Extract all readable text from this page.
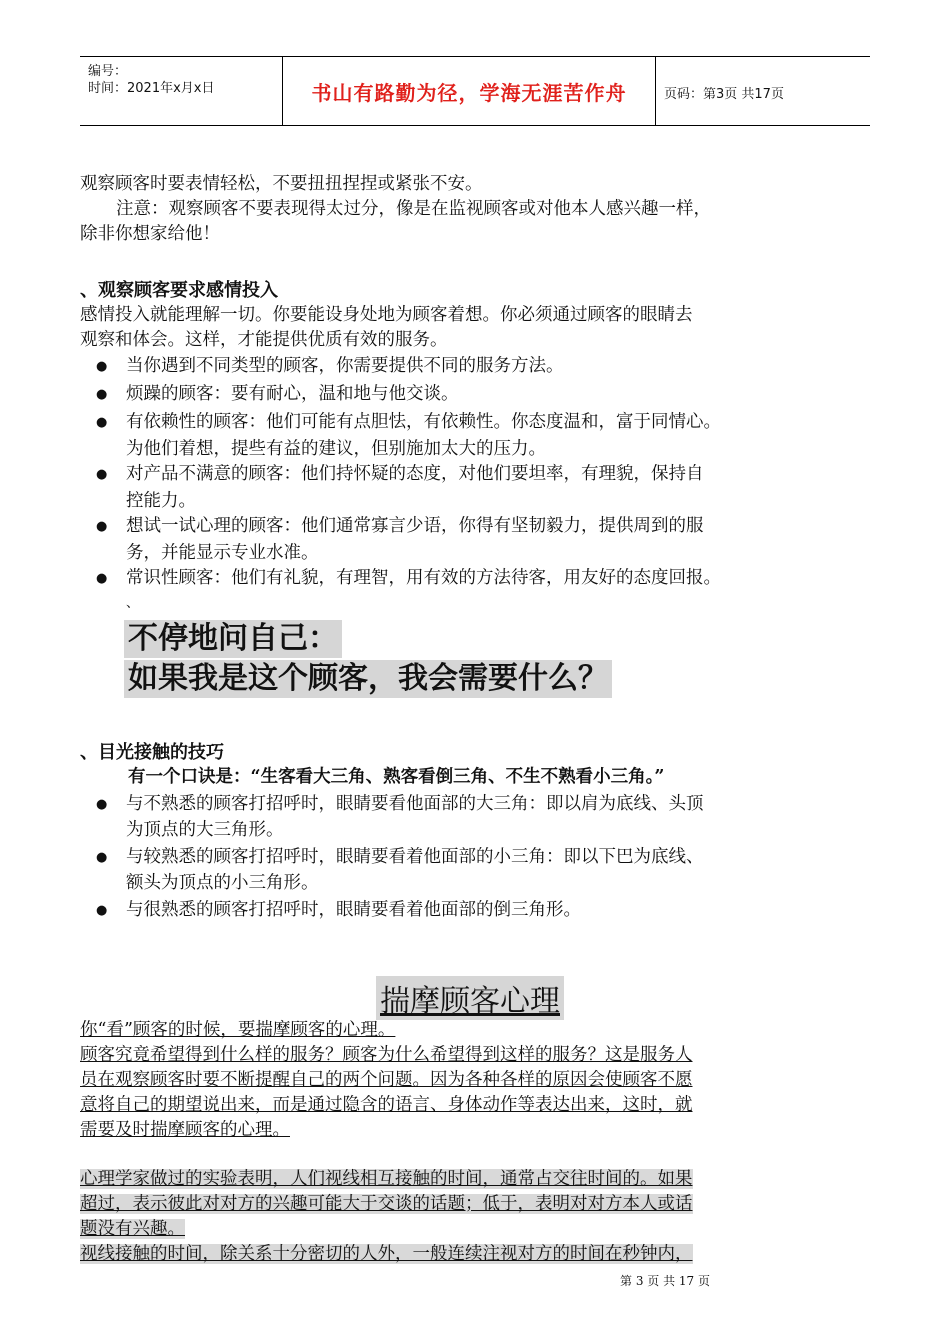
编号：
时间：2021年x月x日	书山有路勤为径，学海无涯苦作舟	页码：第3页 共17页
观察顾客时要表情轻松，不要扭扭捏捏或紧张不安。
注意：观察顾客不要表现得太过分，像是在监视顾客或对他本人感兴趣一样，
除非你想家给他！
、观察顾客要求感情投入
感情投入就能理解一切。你要能设身处地为顾客着想。你必须通过顾客的眼睛去
观察和体会。这样，才能提供优质有效的服务。
● 当你遇到不同类型的顾客，你需要提供不同的服务方法。
● 烦躁的顾客：要有耐心，温和地与他交谈。
● 有依赖性的顾客：他们可能有点胆怯，有依赖性。你态度温和，富于同情心。
为他们着想，提些有益的建议，但别施加太大的压力。
● 对产品不满意的顾客：他们持怀疑的态度，对他们要坦率，有理貌，保持自
控能力。
● 想试一试心理的顾客：他们通常寡言少语，你得有坚韧毅力，提供周到的服
务，并能显示专业水准。
● 常识性顾客：他们有礼貌，有理智，用有效的方法待客，用友好的态度回报。
、
不停地问自己：
如果我是这个顾客，我会需要什么？
、目光接触的技巧
有一个口诀是：“生客看大三角、熟客看倒三角、不生不熟看小三角。”
● 与不熟悉的顾客打招呼时，眼睛要看他面部的大三角：即以肩为底线、头顶
为顶点的大三角形。
● 与较熟悉的顾客打招呼时，眼睛要看着他面部的小三角：即以下巴为底线、
额头为顶点的小三角形。
● 与很熟悉的顾客打招呼时，眼睛要看着他面部的倒三角形。
揣摩顾客心理
你“看”顾客的时候，要揣摩顾客的心理。
顾客究竟希望得到什么样的服务？顾客为什么希望得到这样的服务？这是服务人
员在观察顾客时要不断提醒自己的两个问题。因为各种各样的原因会使顾客不愿
意将自己的期望说出来，而是通过隐含的语言、身体动作等表达出来，这时，就
需要及时揣摩顾客的心理。
心理学家做过的实验表明，人们视线相互接触的时间，通常占交往时间的。如果
超过，表示彼此对对方的兴趣可能大于交谈的话题；低于，表明对对方本人或话
题没有兴趣。
视线接触的时间，除关系十分密切的人外，一般连续注视对方的时间在秒钟内，
第 3 页 共 17 页
